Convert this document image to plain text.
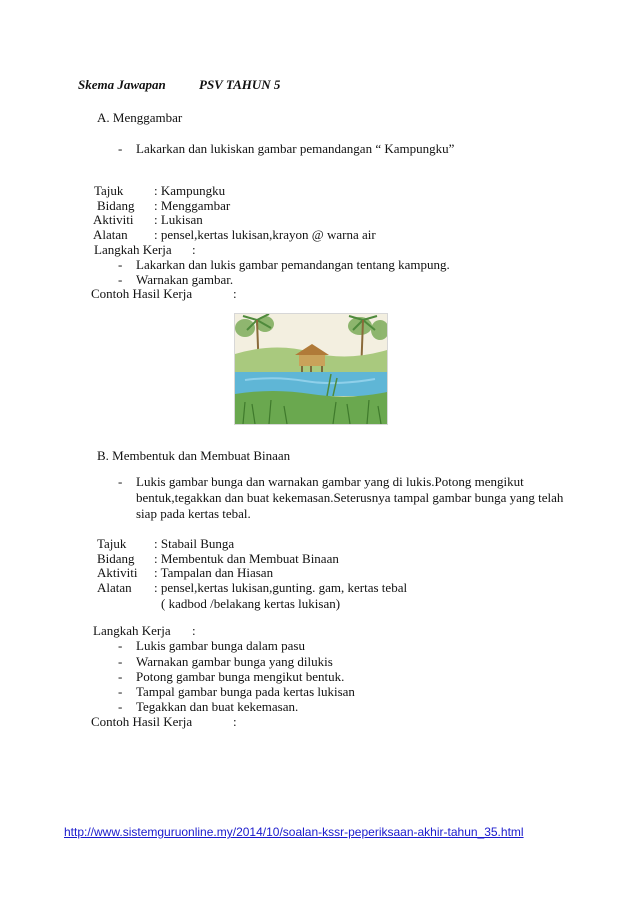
Skema Jawapan	PSV TAHUN 5
A. Menggambar
- Lakarkan dan lukiskan gambar pemandangan “ Kampungku”
Tajuk : Kampungku
Bidang : Menggambar
Aktiviti : Lukisan
Alatan : pensel,kertas lukisan,krayon @ warna air
Langkah Kerja :
- Lakarkan dan lukis gambar pemandangan tentang kampung.
- Warnakan gambar.
Contoh Hasil Kerja	:
B. Membentuk dan Membuat Binaan
- Lukis gambar bunga dan warnakan gambar yang di lukis.Potong mengikut
bentuk,tegakkan dan buat kekemasan.Seterusnya tampal gambar bunga yang telah
siap pada kertas tebal.
Tajuk : Stabail Bunga
Bidang : Membentuk dan Membuat Binaan
Aktiviti : Tampalan dan Hiasan
Alatan : pensel,kertas lukisan,gunting. gam, kertas tebal
( kadbod /belakang kertas lukisan)
Langkah Kerja :
- Lukis gambar bunga dalam pasu
- Warnakan gambar bunga yang dilukis
- Potong gambar bunga mengikut bentuk.
- Tampal gambar bunga pada kertas lukisan
- Tegakkan dan buat kekemasan.
Contoh Hasil Kerja	:
http://www.sistemguruonline.my/2014/10/soalan-kssr-peperiksaan-akhir-tahun_35.html
